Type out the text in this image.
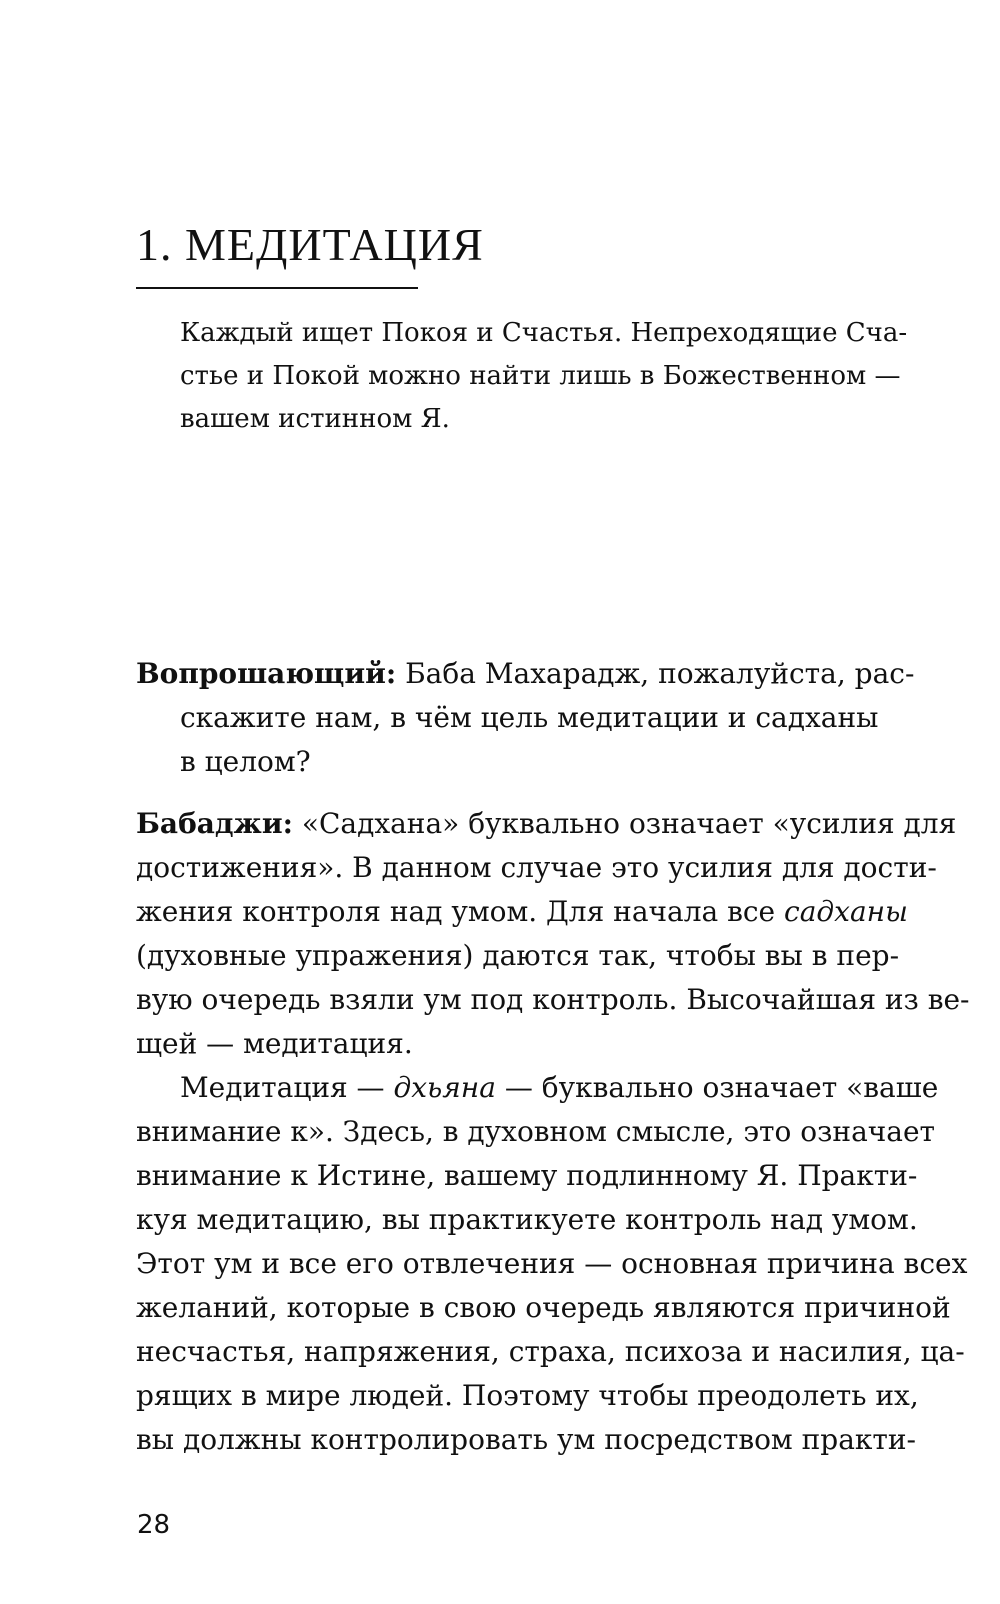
1. МЕДИТАЦИЯ
Каждый ищет Покоя и Счастья. Непреходящие Сча-
стье и Покой можно найти лишь в Божественном —
вашем истинном Я.
Вопрошающий: Баба Махарадж, пожалуйста, рас-
скажите нам, в чём цель медитации и садханы
в целом?
Бабаджи: «Садхана» буквально означает «усилия для
достижения». В данном случае это усилия для дости-
жения контроля над умом. Для начала все садханы
(духовные упражения) даются так, чтобы вы в пер-
вую очередь взяли ум под контроль. Высочайшая из ве-
щей — медитация.
Медитация — дхьяна — буквально означает «ваше
внимание к». Здесь, в духовном смысле, это означает
внимание к Истине, вашему подлинному Я. Практи-
куя медитацию, вы практикуете контроль над умом.
Этот ум и все его отвлечения — основная причина всех
желаний, которые в свою очередь являются причиной
несчастья, напряжения, страха, психоза и насилия, ца-
рящих в мире людей. Поэтому чтобы преодолеть их,
вы должны контролировать ум посредством практи-
28
